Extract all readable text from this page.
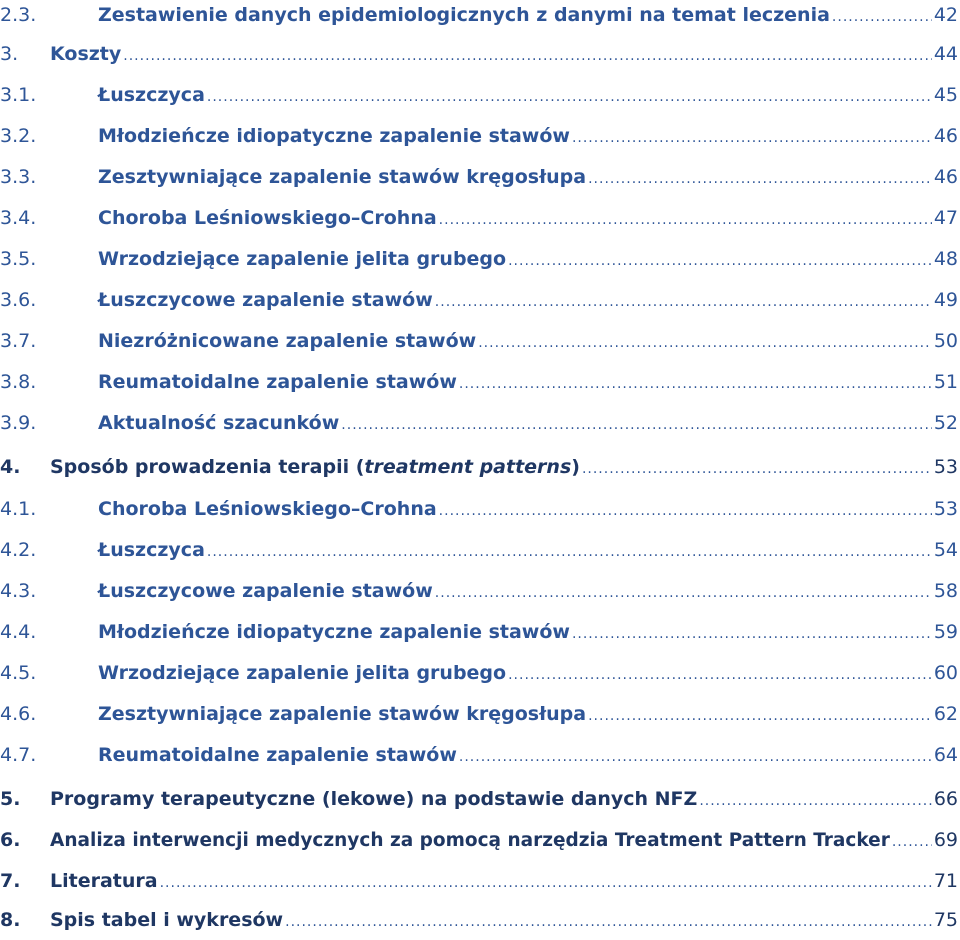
2.3.	Zestawienie danych epidemiologicznych z danymi na temat leczenia .....	42
3.	Koszty .....	44
3.1.	Łuszczyca .....	45
3.2.	Młodzieńcze idiopatyczne zapalenie stawów .....	46
3.3.	Zesztywniające zapalenie stawów kręgosłupa .....	46
3.4.	Choroba Leśniowskiego–Crohna .....	47
3.5.	Wrzodziejące zapalenie jelita grubego .....	48
3.6.	Łuszczycowe zapalenie stawów .....	49
3.7.	Niezróżnicowane zapalenie stawów .....	50
3.8.	Reumatoidalne zapalenie stawów .....	51
3.9.	Aktualność szacunków .....	52
4.	Sposób prowadzenia terapii (treatment patterns) .....	53
4.1.	Choroba Leśniowskiego–Crohna .....	53
4.2.	Łuszczyca .....	54
4.3.	Łuszczycowe zapalenie stawów .....	58
4.4.	Młodzieńcze idiopatyczne zapalenie stawów .....	59
4.5.	Wrzodziejące zapalenie jelita grubego .....	60
4.6.	Zesztywniające zapalenie stawów kręgosłupa .....	62
4.7.	Reumatoidalne zapalenie stawów .....	64
5.	Programy terapeutyczne (lekowe) na podstawie danych NFZ .....	66
6.	Analiza interwencji medycznych za pomocą narzędzia Treatment Pattern Tracker ..... 69
7.	Literatura .....	71
8.	Spis tabel i wykresów .....	75
